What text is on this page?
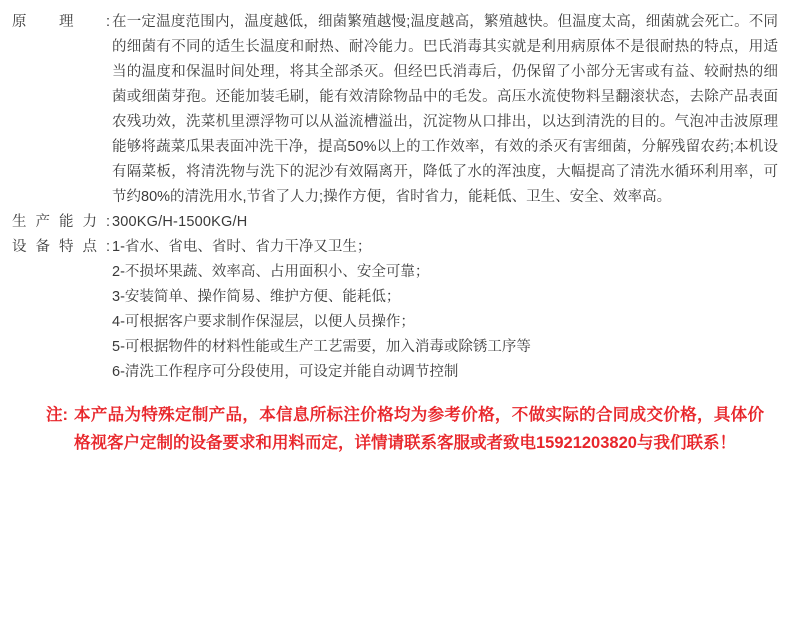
原理: 在一定温度范围内，温度越低，细菌繁殖越慢;温度越高，繁殖越快。但温度太高，细菌就会死亡。不同的细菌有不同的适生长温度和耐热、耐冷能力。巴氏消毒其实就是利用病原体不是很耐热的特点，用适当的温度和保温时间处理，将其全部杀灭。但经巴氏消毒后，仍保留了小部分无害或有益、较耐热的细菌或细菌芽孢。还能加装毛刷，能有效清除物品中的毛发。高压水流使物料呈翻滚状态，去除产品表面农残功效，洗菜机里漂浮物可以从溢流槽溢出，沉淀物从口排出，以达到清洗的目的。气泡冲击波原理能够将蔬菜瓜果表面冲洗干净，提高50%以上的工作效率，有效的杀灭有害细菌，分解残留农药;本机设有隔菜板，将清洗物与洗下的泥沙有效隔离开，降低了水的浑浊度，大幅提高了清洗水循环利用率，可节约80%的清洗用水,节省了人力;操作方便，省时省力，能耗低、卫生、安全、效率高。
生产能力: 300KG/H-1500KG/H
设备特点: 1-省水、省电、省时、省力干净又卫生；
2-不损坏果蔬、效率高、占用面积小、安全可靠；
3-安装简单、操作简易、维护方便、能耗低；
4-可根据客户要求制作保湿层，以便人员操作；
5-可根据物件的材料性能或生产工艺需要，加入消毒或除锈工序等
6-清洗工作程序可分段使用，可设定并能自动调节控制
注: 本产品为特殊定制产品，本信息所标注价格均为参考价格，不做实际的合同成交价格，具体价格视客户定制的设备要求和用料而定，详情请联系客服或者致电15921203820与我们联系！
